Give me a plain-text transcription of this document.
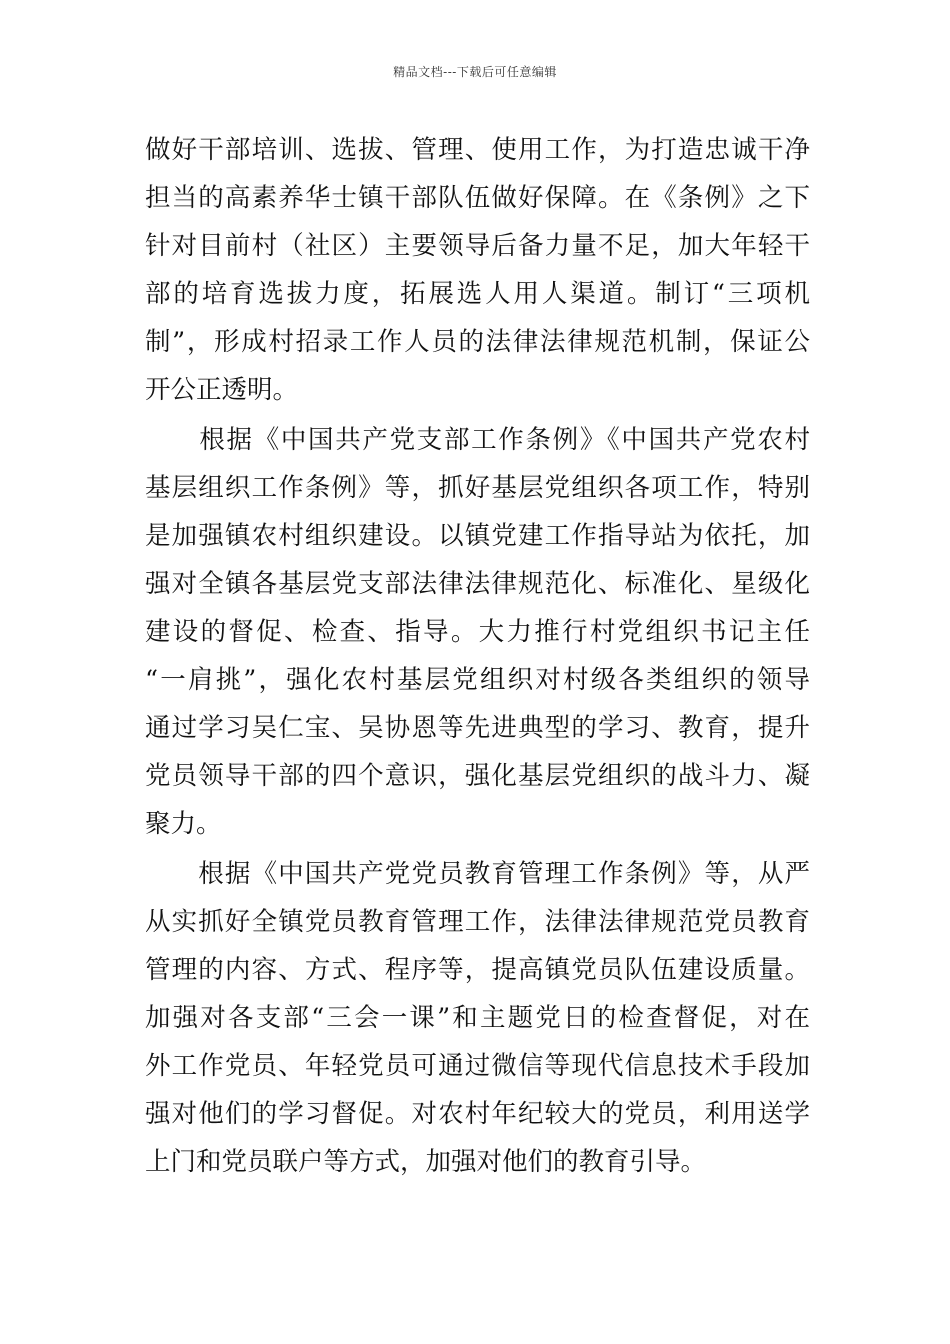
精品文档---下载后可任意编辑
做好干部培训、选拔、管理、使用工作，为打造忠诚干净
担当的高素养华士镇干部队伍做好保障。在《条例》之下
针对目前村（社区）主要领导后备力量不足，加大年轻干
部的培育选拔力度，拓展选人用人渠道。制订“三项机
制”，形成村招录工作人员的法律法律规范机制，保证公
开公正透明。
　　根据《中国共产党支部工作条例》《中国共产党农村
基层组织工作条例》等，抓好基层党组织各项工作，特别
是加强镇农村组织建设。以镇党建工作指导站为依托，加
强对全镇各基层党支部法律法律规范化、标准化、星级化
建设的督促、检查、指导。大力推行村党组织书记主任
“一肩挑”，强化农村基层党组织对村级各类组织的领导
通过学习吴仁宝、吴协恩等先进典型的学习、教育，提升
党员领导干部的四个意识，强化基层党组织的战斗力、凝
聚力。
　　根据《中国共产党党员教育管理工作条例》等，从严
从实抓好全镇党员教育管理工作，法律法律规范党员教育
管理的内容、方式、程序等，提高镇党员队伍建设质量。
加强对各支部“三会一课”和主题党日的检查督促，对在
外工作党员、年轻党员可通过微信等现代信息技术手段加
强对他们的学习督促。对农村年纪较大的党员，利用送学
上门和党员联户等方式，加强对他们的教育引导。
